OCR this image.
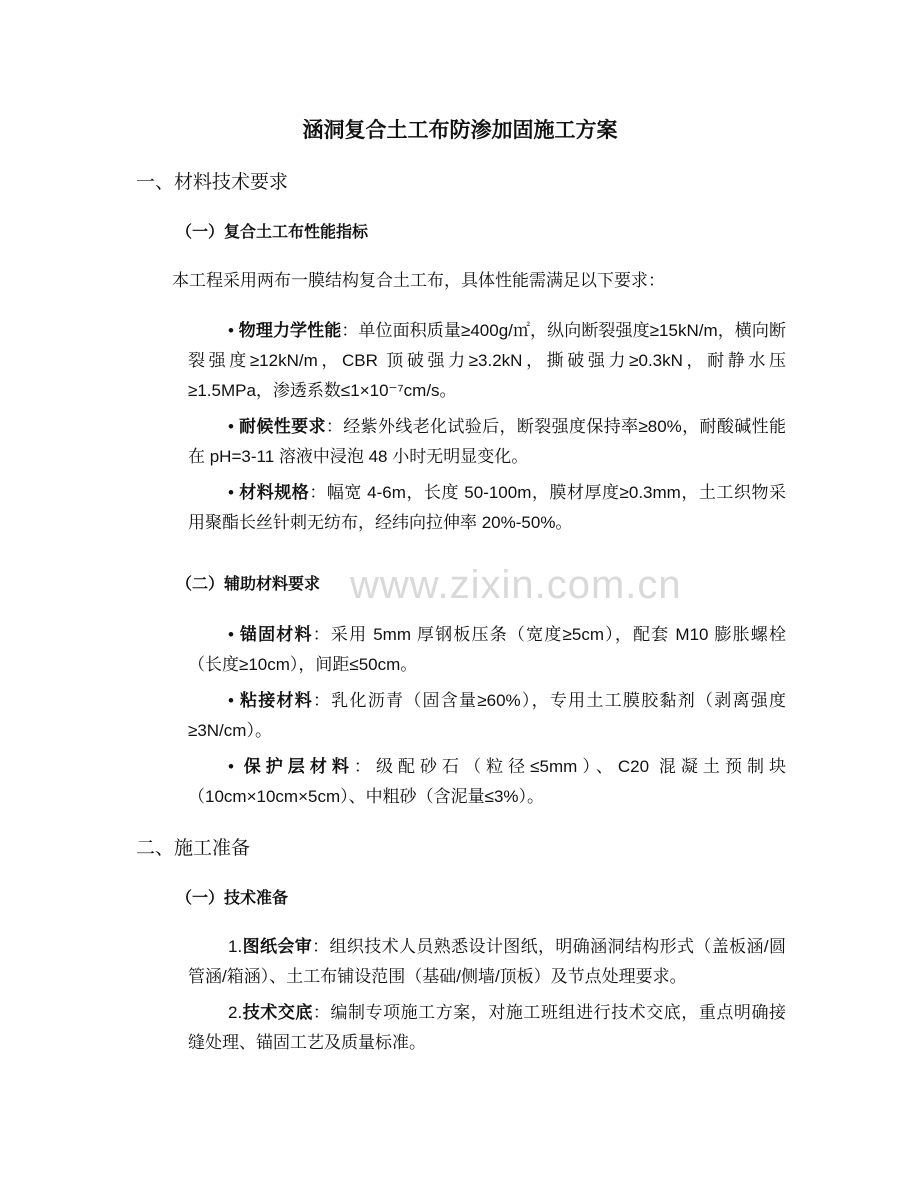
涵洞复合土工布防渗加固施工方案
一、材料技术要求
（一）复合土工布性能指标
本工程采用两布一膜结构复合土工布，具体性能需满足以下要求：
• 物理力学性能：单位面积质量≥400g/㎡，纵向断裂强度≥15kN/m，横向断裂强度≥12kN/m，CBR 顶破强力≥3.2kN，撕破强力≥0.3kN，耐静水压≥1.5MPa，渗透系数≤1×10⁻⁷cm/s。
• 耐候性要求：经紫外线老化试验后，断裂强度保持率≥80%，耐酸碱性能在 pH=3-11 溶液中浸泡 48 小时无明显变化。
• 材料规格：幅宽 4-6m，长度 50-100m，膜材厚度≥0.3mm，土工织物采用聚酯长丝针刺无纺布，经纬向拉伸率 20%-50%。
（二）辅助材料要求 www.zixin.com.cn
• 锚固材料：采用 5mm 厚钢板压条（宽度≥5cm），配套 M10 膨胀螺栓（长度≥10cm），间距≤50cm。
• 粘接材料：乳化沥青（固含量≥60%），专用土工膜胶黏剂（剥离强度≥3N/cm）。
• 保护层材料：级配砂石（粒径≤5mm）、C20 混凝土预制块（10cm×10cm×5cm）、中粗砂（含泥量≤3%）。
二、施工准备
（一）技术准备
1.图纸会审：组织技术人员熟悉设计图纸，明确涵洞结构形式（盖板涵/圆管涵/箱涵）、土工布铺设范围（基础/侧墙/顶板）及节点处理要求。
2.技术交底：编制专项施工方案，对施工班组进行技术交底，重点明确接缝处理、锚固工艺及质量标准。
